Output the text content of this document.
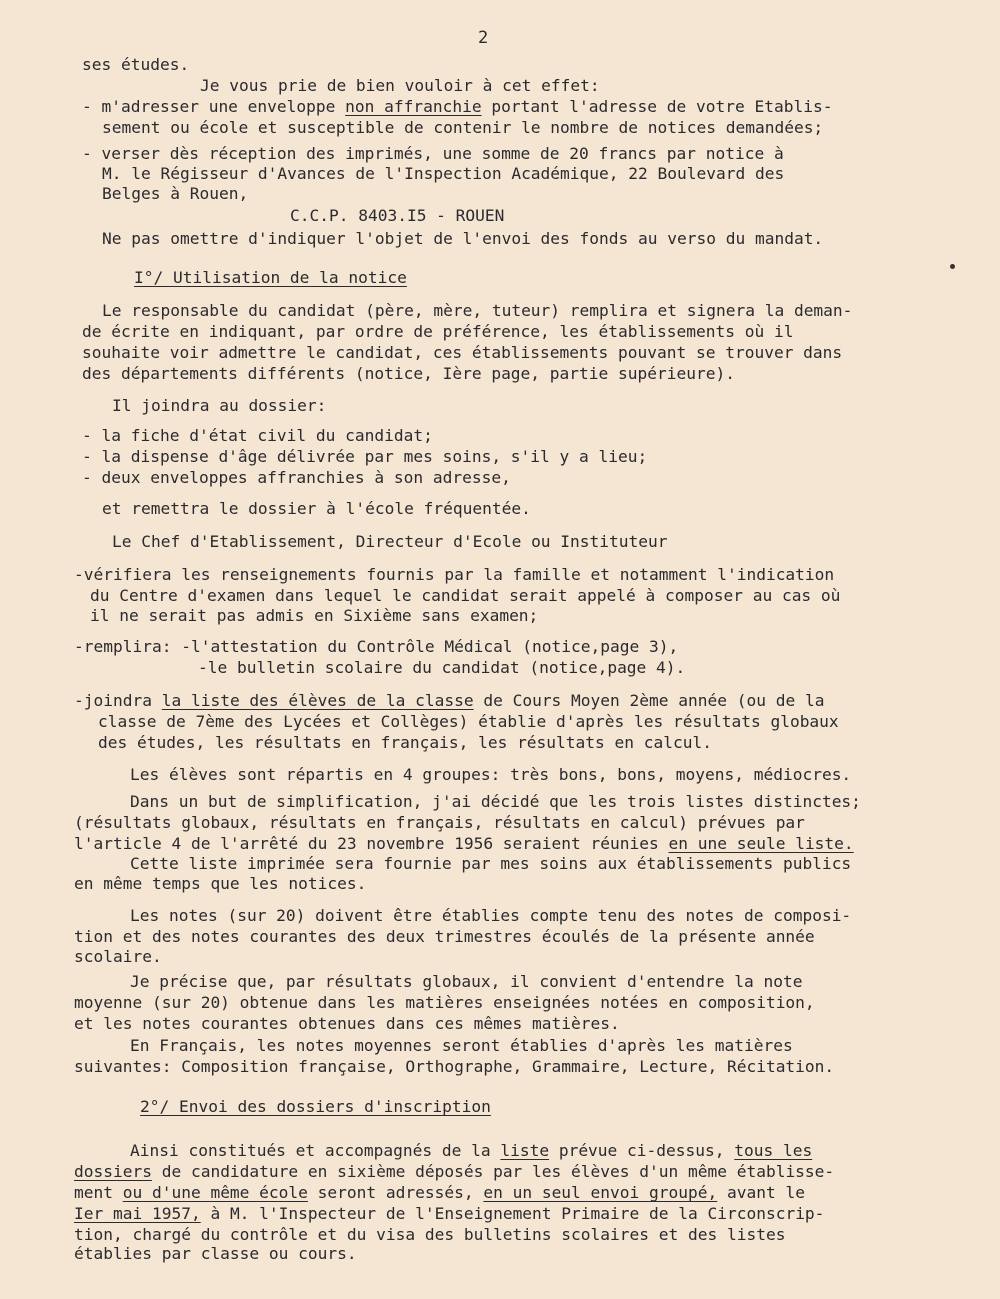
2
ses études.
Je vous prie de bien vouloir à cet effet:
- m'adresser une enveloppe non affranchie portant l'adresse de votre Etablis-
sement ou école et susceptible de contenir le nombre de notices demandées;
- verser dès réception des imprimés, une somme de 20 francs par notice à
M. le Régisseur d'Avances de l'Inspection Académique, 22 Boulevard des
Belges à Rouen,
C.C.P. 8403.I5 - ROUEN
Ne pas omettre d'indiquer l'objet de l'envoi des fonds au verso du mandat.
I°/ Utilisation de la notice
Le responsable du candidat (père, mère, tuteur) remplira et signera la deman-
de écrite en indiquant, par ordre de préférence, les établissements où il
souhaite voir admettre le candidat, ces établissements pouvant se trouver dans
des départements différents (notice, Ière page, partie supérieure).
Il joindra au dossier:
- la fiche d'état civil du candidat;
- la dispense d'âge délivrée par mes soins, s'il y a lieu;
- deux enveloppes affranchies à son adresse,
et remettra le dossier à l'école fréquentée.
Le Chef d'Etablissement, Directeur d'Ecole ou Instituteur
-vérifiera les renseignements fournis par la famille et notamment l'indication
du Centre d'examen dans lequel le candidat serait appelé à composer au cas où
il ne serait pas admis en Sixième sans examen;
-remplira: -l'attestation du Contrôle Médical (notice,page 3),
-le bulletin scolaire du candidat (notice,page 4).
-joindra la liste des élèves de la classe de Cours Moyen 2ème année (ou de la
classe de 7ème des Lycées et Collèges) établie d'après les résultats globaux
des études, les résultats en français, les résultats en calcul.
Les élèves sont répartis en 4 groupes: très bons, bons, moyens, médiocres.
Dans un but de simplification, j'ai décidé que les trois listes distinctes;
(résultats globaux, résultats en français, résultats en calcul) prévues par
l'article 4 de l'arrêté du 23 novembre 1956 seraient réunies en une seule liste.
Cette liste imprimée sera fournie par mes soins aux établissements publics
en même temps que les notices.
Les notes (sur 20) doivent être établies compte tenu des notes de composi-
tion et des notes courantes des deux trimestres écoulés de la présente année
scolaire.
Je précise que, par résultats globaux, il convient d'entendre la note
moyenne (sur 20) obtenue dans les matières enseignées notées en composition,
et les notes courantes obtenues dans ces mêmes matières.
En Français, les notes moyennes seront établies d'après les matières
suivantes: Composition française, Orthographe, Grammaire, Lecture, Récitation.
2°/ Envoi des dossiers d'inscription
Ainsi constitués et accompagnés de la liste prévue ci-dessus, tous les
dossiers de candidature en sixième déposés par les élèves d'un même établisse-
ment ou d'une même école seront adressés, en un seul envoi groupé, avant le
Ier mai 1957, à M. l'Inspecteur de l'Enseignement Primaire de la Circonscrip-
tion, chargé du contrôle et du visa des bulletins scolaires et des listes
établies par classe ou cours.
